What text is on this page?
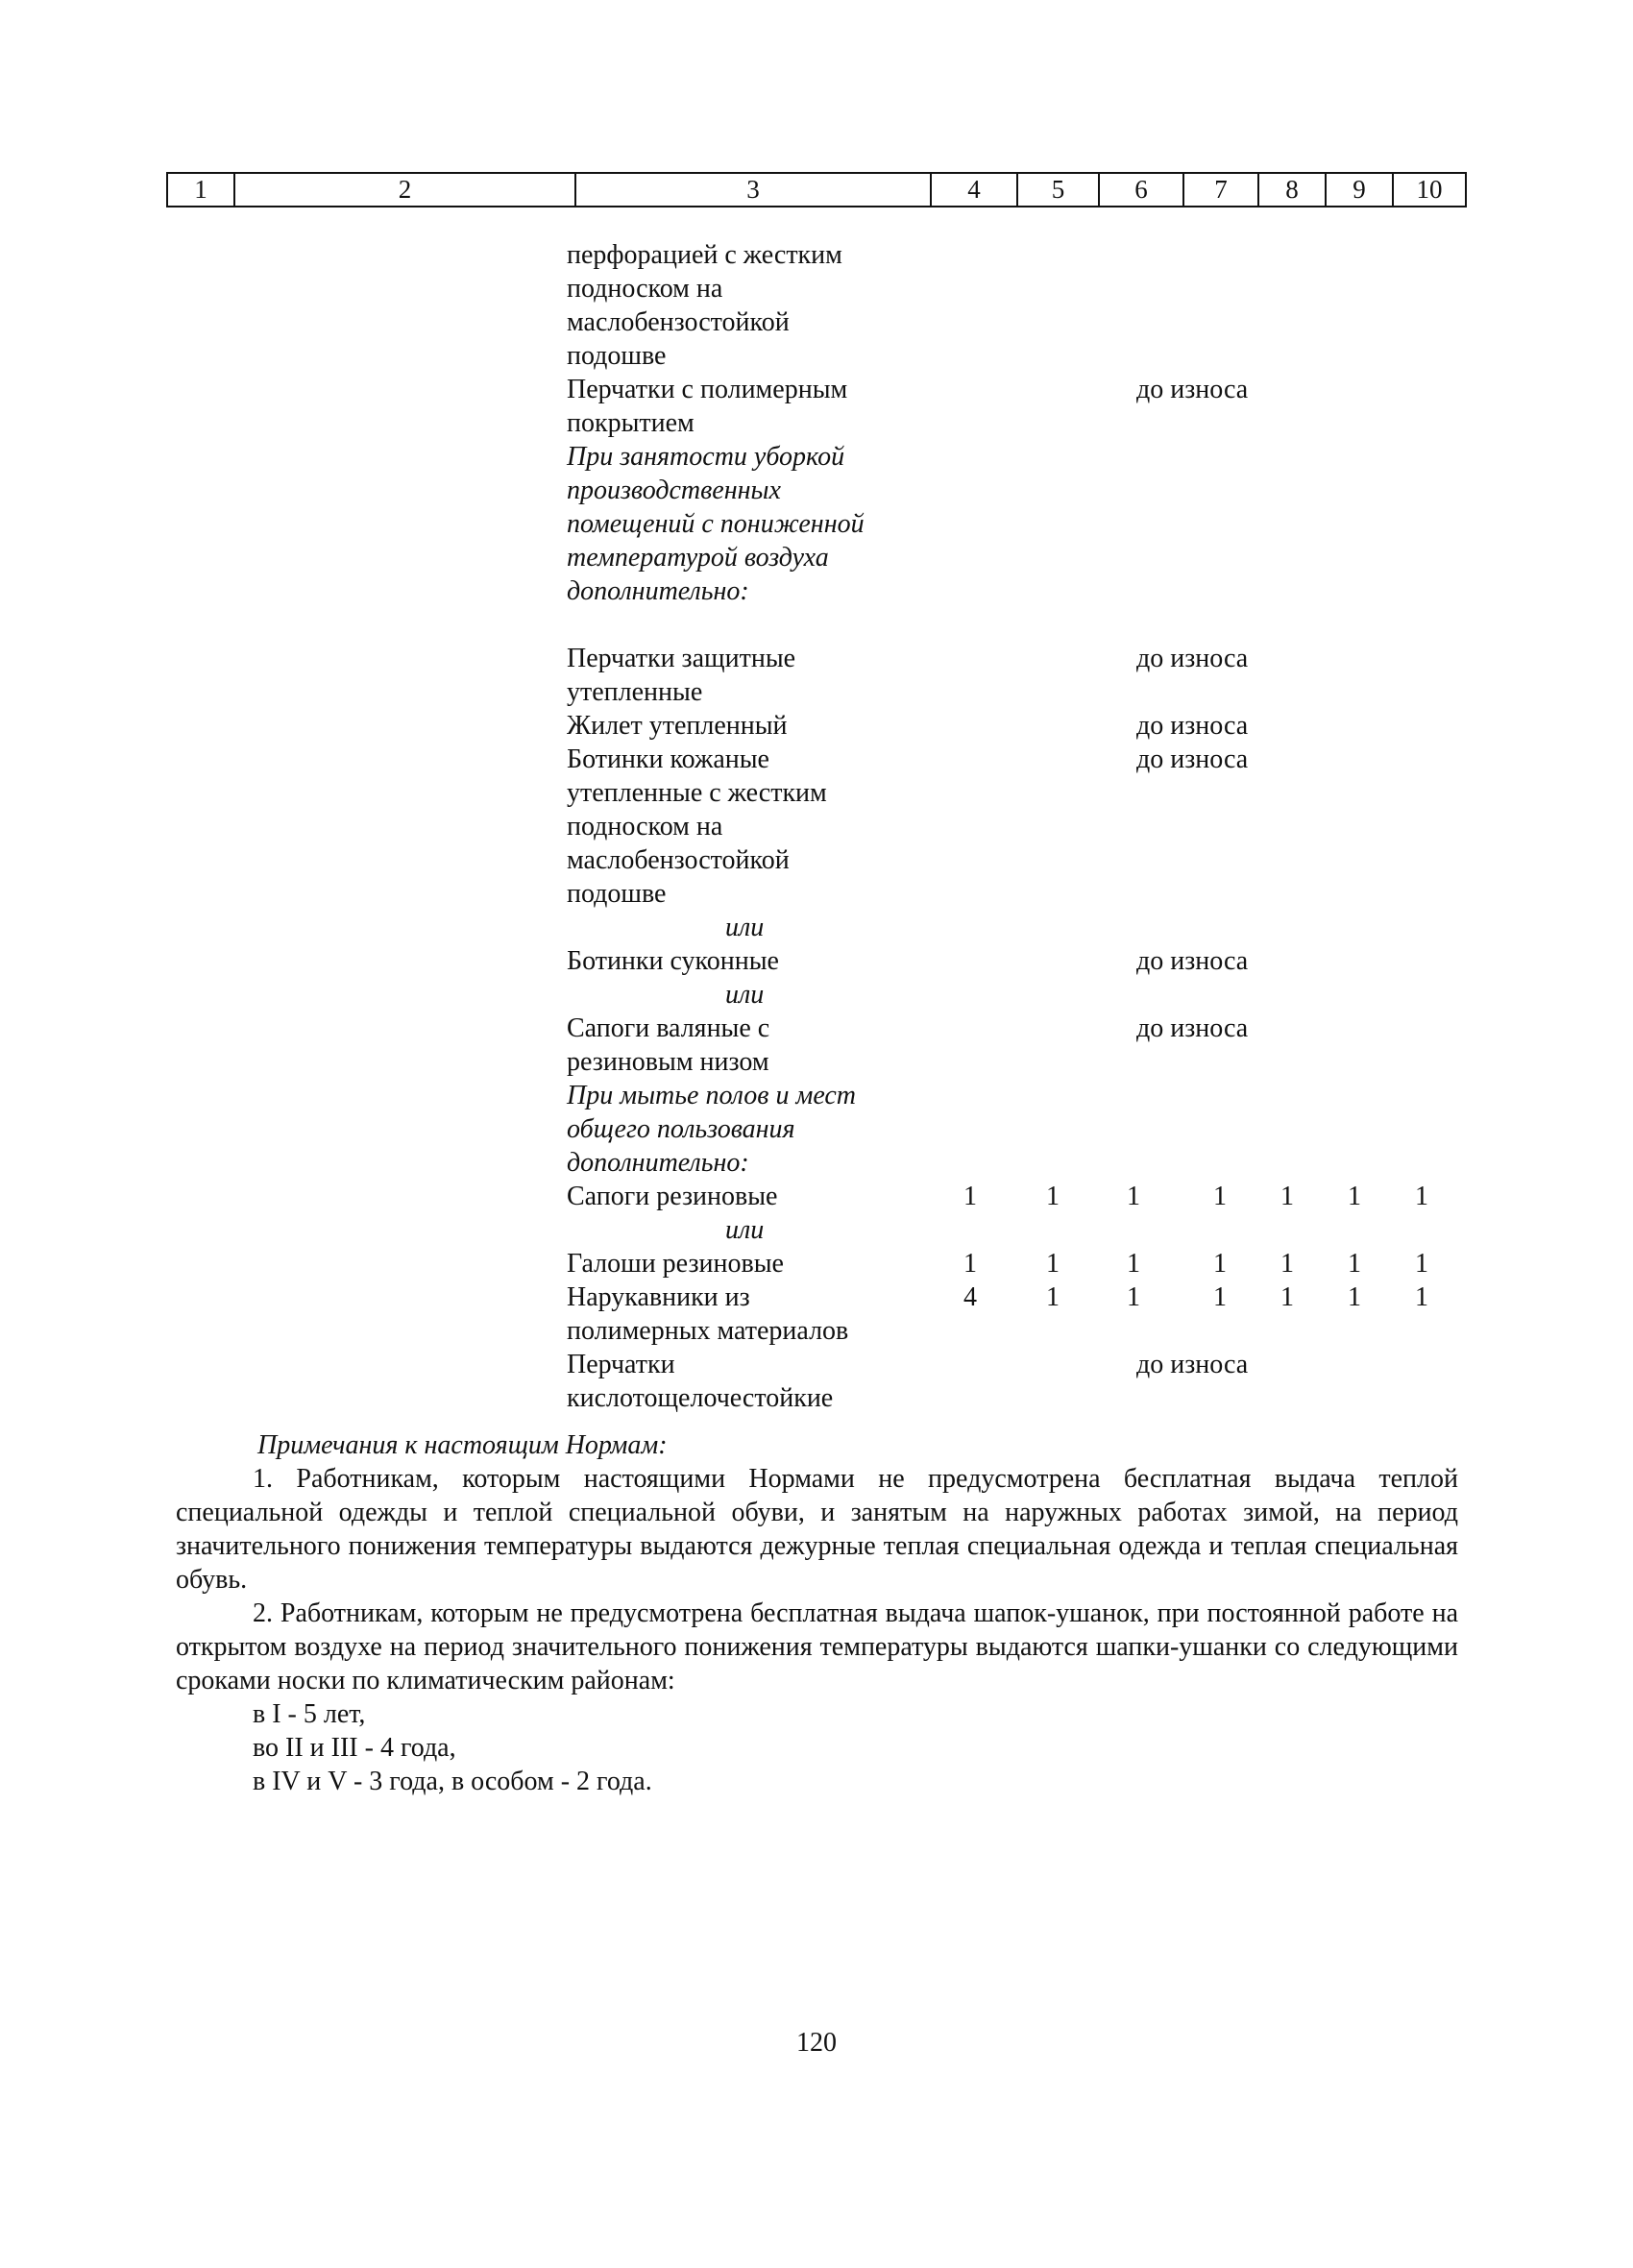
1	2	3	4	5	6	7	8	9	10
перфорацией с жестким
подноском на
маслобензостойкой
подошве
Перчатки с полимерным	до износа
покрытием
При занятости уборкой
производственных
помещений с пониженной
температурой воздуха
дополнительно:
Перчатки защитные	до износа
утепленные
Жилет утепленный	до износа
Ботинки кожаные	до износа
утепленные с жестким
подноском на
маслобензостойкой
подошве
или
Ботинки суконные	до износа
или
Сапоги валяные с	до износа
резиновым низом
При мытье полов и мест
общего пользования
дополнительно:
Сапоги резиновые	1	1	1	1 1 1 1
или
Галоши резиновые	1	1	1	1 1 1 1
Нарукавники из	4	1	1	1 1 1 1
полимерных материалов
Перчатки	до износа
кислотощелочестойкие
Примечания к настоящим Нормам:

1. Работникам, которым настоящими Нормами не предусмотрена бесплатная выдача теплой специальной одежды и теплой специальной обуви, и занятым на наружных работах зимой, на период значительного понижения температуры выдаются дежурные теплая специальная одежда и теплая специальная обувь.

2. Работникам, которым не предусмотрена бесплатная выдача шапок-ушанок, при постоянной работе на открытом воздухе на период значительного понижения температуры выдаются шапки-ушанки со следующими сроками носки по климатическим районам:

в I - 5 лет,
во II и III - 4 года,
в IV и V - 3 года, в особом - 2 года.
120
